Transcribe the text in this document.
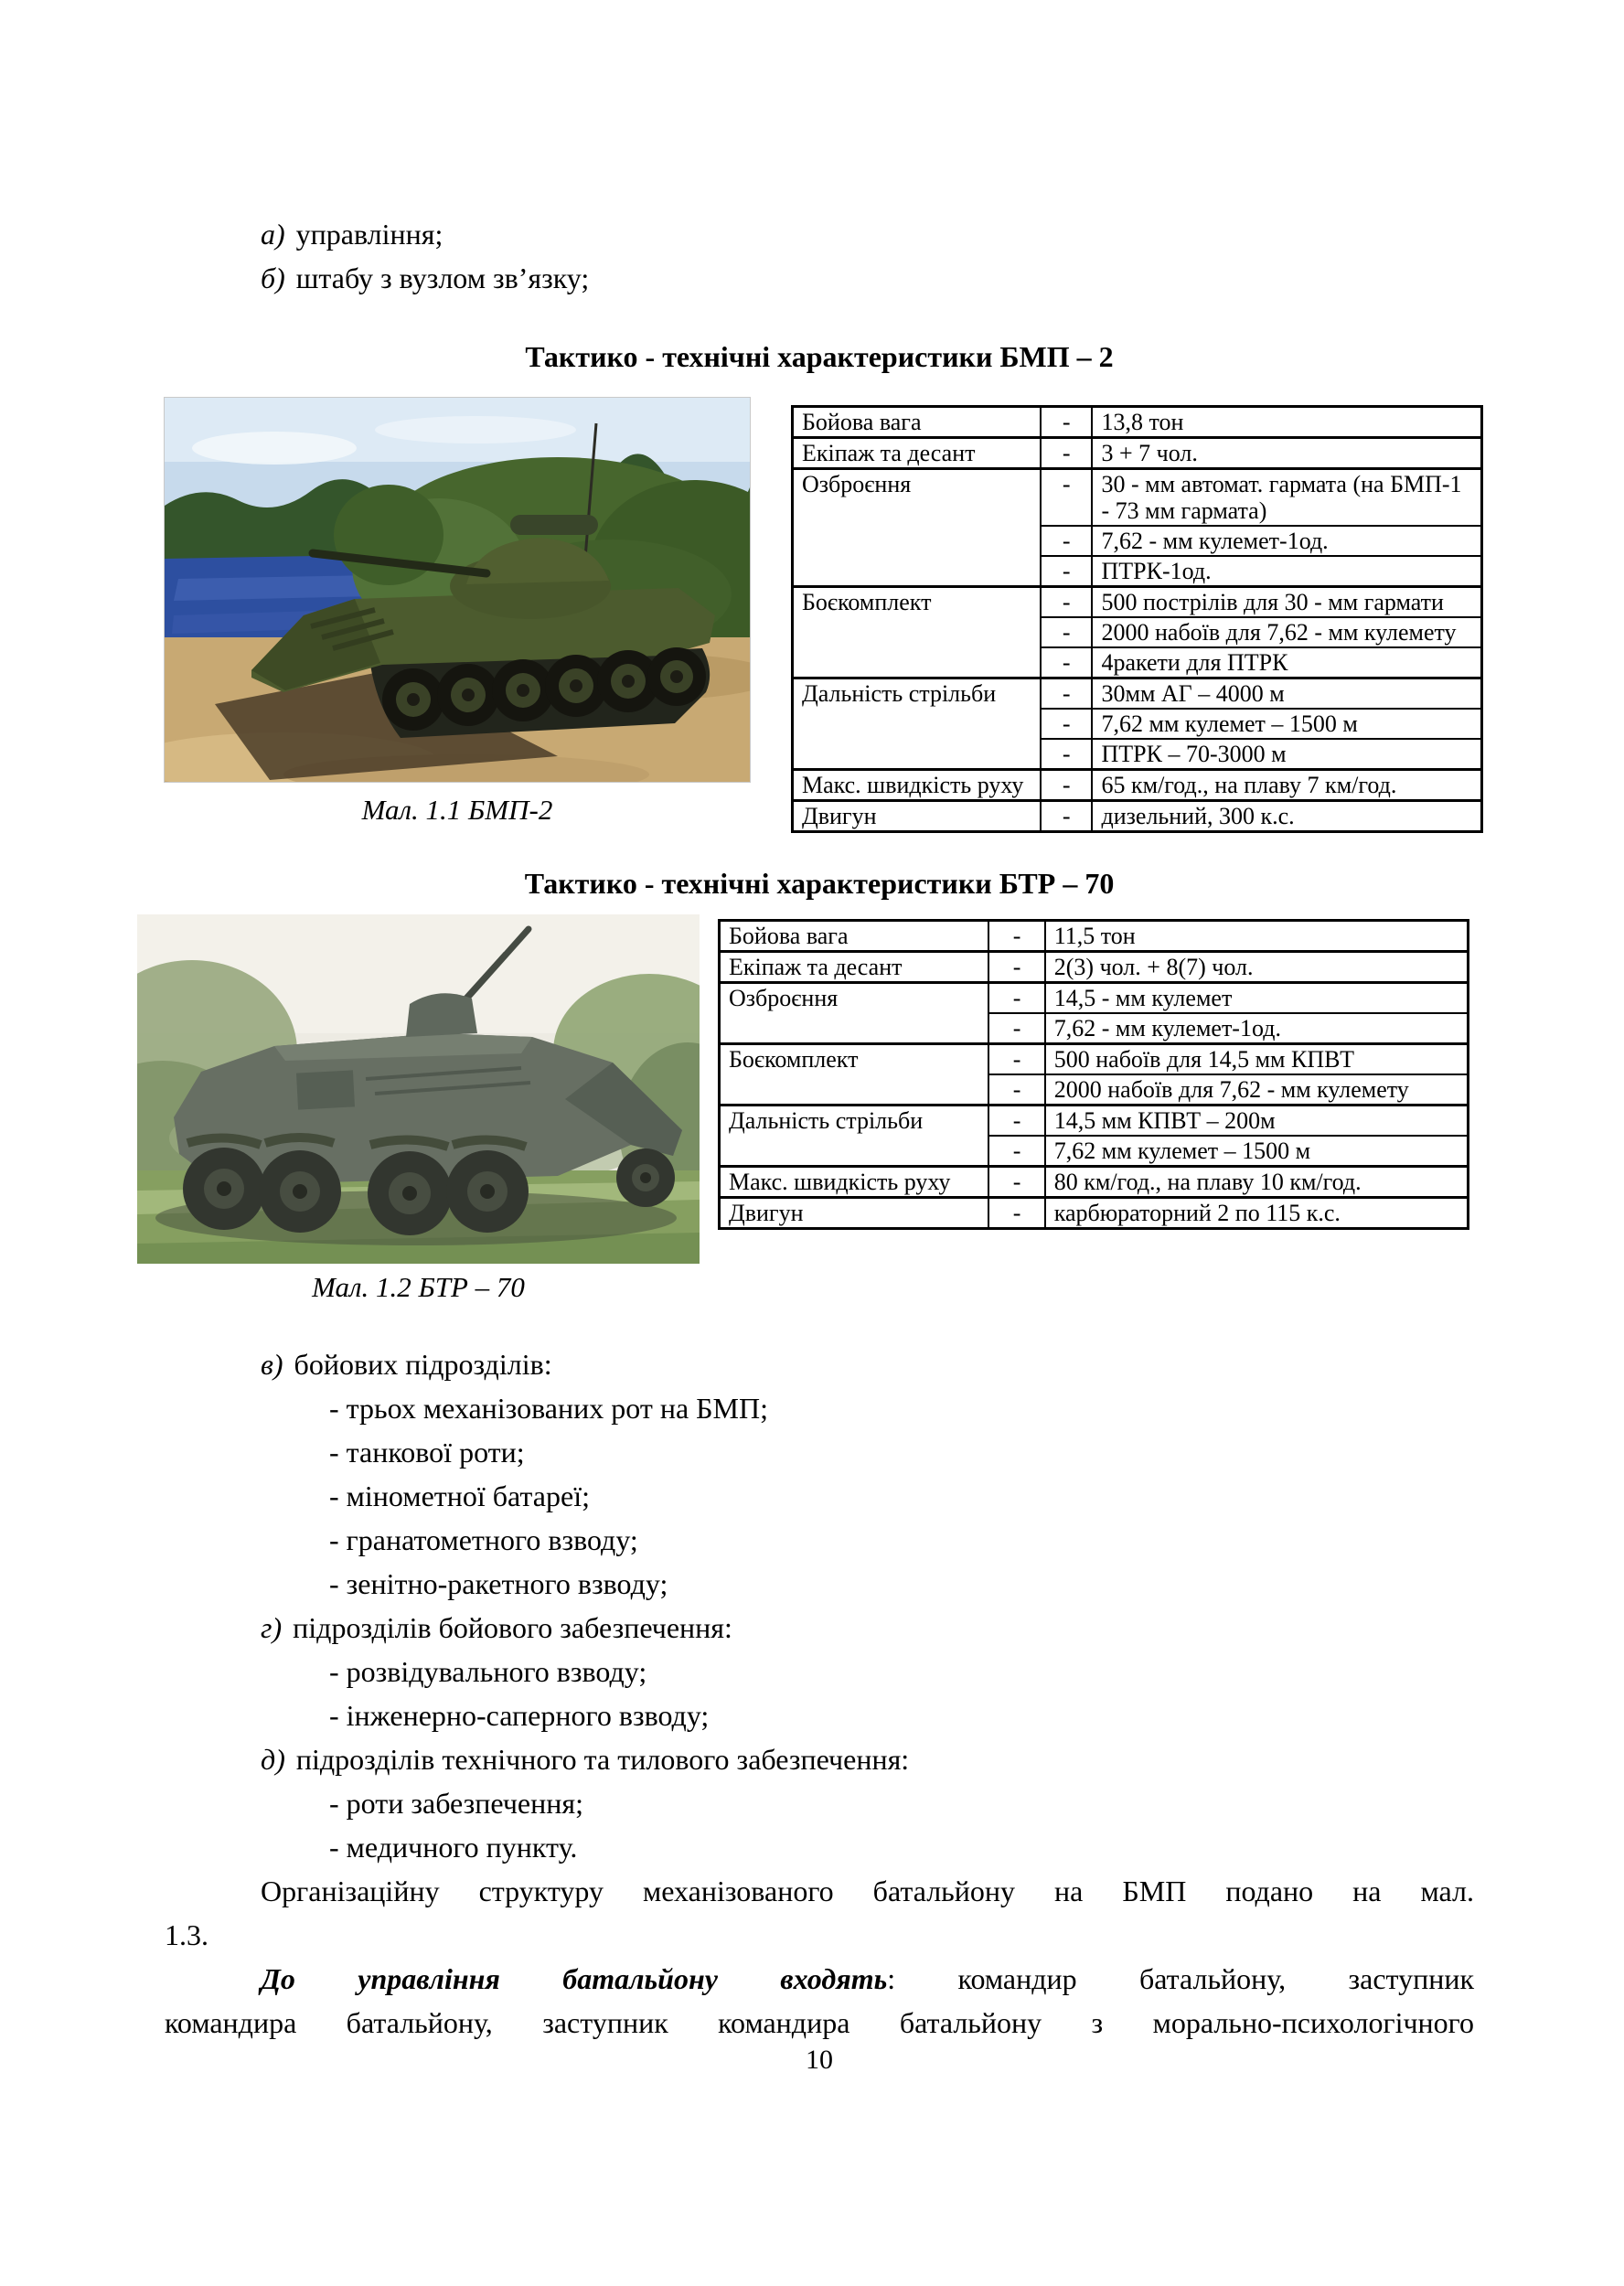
а) управління;
б) штабу з вузлом зв’язку;
Тактико - технічні характеристики БМП – 2
Бойова вага	-	13,8 тон
Екіпаж та десант	-	3 + 7 чол.
Озброєння	-	30 - мм автомат. гармата (на БМП-1 - 73 мм гармата)
	-	7,62 - мм кулемет-1од.
	-	ПТРК-1од.
Боєкомплект	-	500 пострілів для 30 - мм гармати
	-	2000 набоїв для 7,62 - мм кулемету
	-	4ракети для ПТРК
Дальність стрільби	-	30мм АГ – 4000 м
	-	7,62 мм кулемет – 1500 м
	-	ПТРК – 70-3000 м
Макс. швидкість руху	-	65 км/год., на плаву 7 км/год.
Двигун	-	дизельний, 300 к.с.
Мал. 1.1 БМП-2
Тактико - технічні характеристики БТР – 70
Бойова вага	-	11,5 тон
Екіпаж та десант	-	2(3) чол. + 8(7) чол.
Озброєння	-	14,5 - мм кулемет
	-	7,62 - мм кулемет-1од.
Боєкомплект	-	500 набоїв для 14,5 мм КПВТ
	-	2000 набоїв для 7,62 - мм кулемету
Дальність стрільби	-	14,5 мм КПВТ – 200м
	-	7,62 мм кулемет – 1500 м
Макс. швидкість руху	-	80 км/год., на плаву 10 км/год.
Двигун	-	карбюраторний 2 по 115 к.с.
Мал. 1.2 БТР – 70
в) бойових підрозділів:
- трьох механізованих рот на БМП;
- танкової роти;
- мінометної батареї;
- гранатометного взводу;
- зенітно-ракетного взводу;
г) підрозділів бойового забезпечення:
- розвідувального взводу;
- інженерно-саперного взводу;
д) підрозділів технічного та тилового забезпечення:
- роти забезпечення;
- медичного пункту.

Організаційну структуру механізованого батальйону на БМП подано на мал.
1.3.

До управління батальйону входять: командир батальйону, заступник
командира батальйону, заступник командира батальйону з морально-психологічного

10
